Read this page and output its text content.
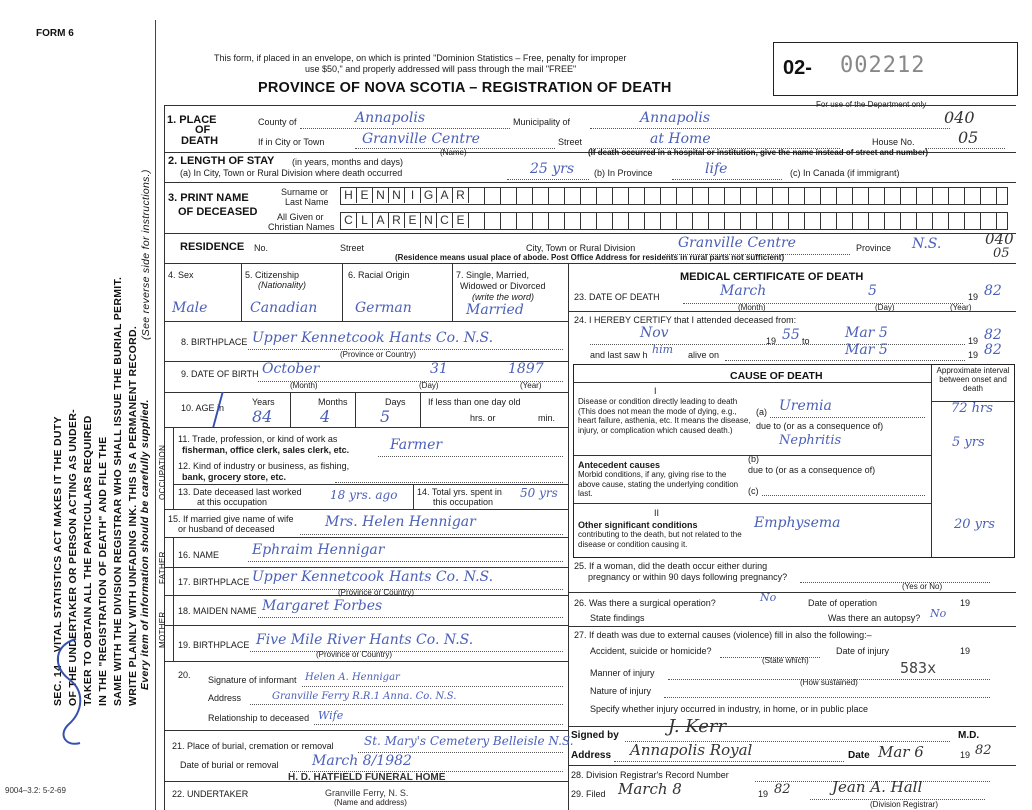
FORM 6
This form, if placed in an envelope, on which is printed "Dominion Statistics – Free, penalty for improper
use $50," and properly addressed will pass through the mail "FREE"
PROVINCE OF NOVA SCOTIA – REGISTRATION OF DEATH
02- 002212
For use of the Department only
040
SEC. 14 – VITAL STATISTICS ACT MAKES IT THE DUTY OF THE UNDERTAKER OR PERSON ACTING AS UNDER- TAKER TO OBTAIN ALL THE PARTICULARS REQUIRED IN THE "REGISTRATION OF DEATH" AND FILE THE SAME WITH THE DIVISION REGISTRAR WHO SHALL ISSUE THE BURIAL PERMIT. WRITE PLAINLY WITH UNFADING INK. THIS IS A PERMANENT RECORD. Every item of information should be carefully supplied.
(See reverse side for instructions.)
1. PLACE
OF
DEATH
County of	Annapolis	Municipality of	Annapolis
If in City or Town	Granville Centre	Street	at Home	House No.	05
(Name)	(If death occurred in a hospital or institution, give the name instead of street and number)
2. LENGTH OF STAY (in years, months and days)
(a) In City, Town or Rural Division where death occurred	25 yrs (b) In Province	life	(c) In Canada (if immigrant)
3. PRINT NAME
OF DECEASED
Surname or
Last Name
All Given or
Christian Names
H E N N I G A R
C L A R E N C E
RESIDENCE No.	Street	City, Town or Rural Division	Granville Centre	Province N.S.	040
05
(Residence means usual place of abode. Post Office Address for residents in rural parts not sufficient)
4. Sex	5. Citizenship
(Nationality)
6. Racial Origin	7. Single, Married,
Widowed or Divorced
(write the word)
Male	Canadian	German	Married
8. BIRTHPLACE Upper Kennetcook Hants Co. N.S.
(Province or Country)
9. DATE OF BIRTH October	31	1897
(Month)	(Day)	(Year)
10. AGE in
Years	Months	Days
84	4	5
If less than one day old
hrs. or	min.
OCCUPATION
11. Trade, profession, or kind of work as
fisherman, office clerk, sales clerk, etc.	Farmer
12. Kind of industry or business, as fishing,
bank, grocery store, etc.
13. Date deceased last worked
at this occupation	18 yrs. ago 14. Total yrs. spent in
this occupation
50 yrs
15. If married give name of wife
or husband of deceased	Mrs. Helen Hennigar
FATHER
MOTHER
16. NAME Ephraim Hennigar
17. BIRTHPLACE Upper Kennetcook Hants Co. N.S.
(Province or Country)
18. MAIDEN NAME Margaret Forbes
19. BIRTHPLACE Five Mile River Hants Co. N.S.
(Province or Country)
20. Signature of informant Helen A. Hennigar
Address	Granville Ferry R.R.1 Anna. Co. N.S.
Relationship to deceased Wife
21. Place of burial, cremation or removal	St. Mary's Cemetery Belleisle N.S.
Date of burial or removal March 8/1982
H. D. HATFIELD FUNERAL HOME
22. UNDERTAKER	Granville Ferry, N. S.
(Name and address)
9004–3.2: 5-2-69
MEDICAL CERTIFICATE OF DEATH
23. DATE OF DEATH	March	5	19 82
(Month)	(Day)	(Year)
24. I HEREBY CERTIFY that I attended deceased from:
Nov	19 55 to	Mar 5	19 82
and last saw h him alive on	Mar 5	19 82
CAUSE OF DEATH	Approximate interval between onset and death
I
Disease or condition directly leading to death (This does not mean the mode of dying, e.g., heart failure, asthenia, etc. It means the disease, injury, or complication which caused death.)
(a) Uremia	72 hrs
due to (or as a consequence of)
Nephritis	5 yrs
Antecedent causes
Morbid conditions, if any, giving rise to the above cause, stating the underlying condition last.
(b)
due to (or as a consequence of)
(c)
II
Other significant conditions
contributing to the death, but not related to the disease or condition causing it.
Emphysema	20 yrs
25. If a woman, did the death occur either during
pregnancy or within 90 days following pregnancy?
(Yes or No)
26. Was there a surgical operation?	No	Date of operation	19
State findings	Was there an autopsy? No
27. If death was due to external causes (violence) fill in also the following:–
Accident, suicide or homicide?	Date of injury	19
(State which)
Manner of injury	583x
(How sustained)
Nature of injury
Specify whether injury occurred in industry, in home, or in public place
Signed by	J. Kerr	M.D.
Address Annapolis Royal	Date Mar 6	19 82
28. Division Registrar's Record Number
29. Filed March 8	19 82	Jean A. Hall
(Division Registrar)
